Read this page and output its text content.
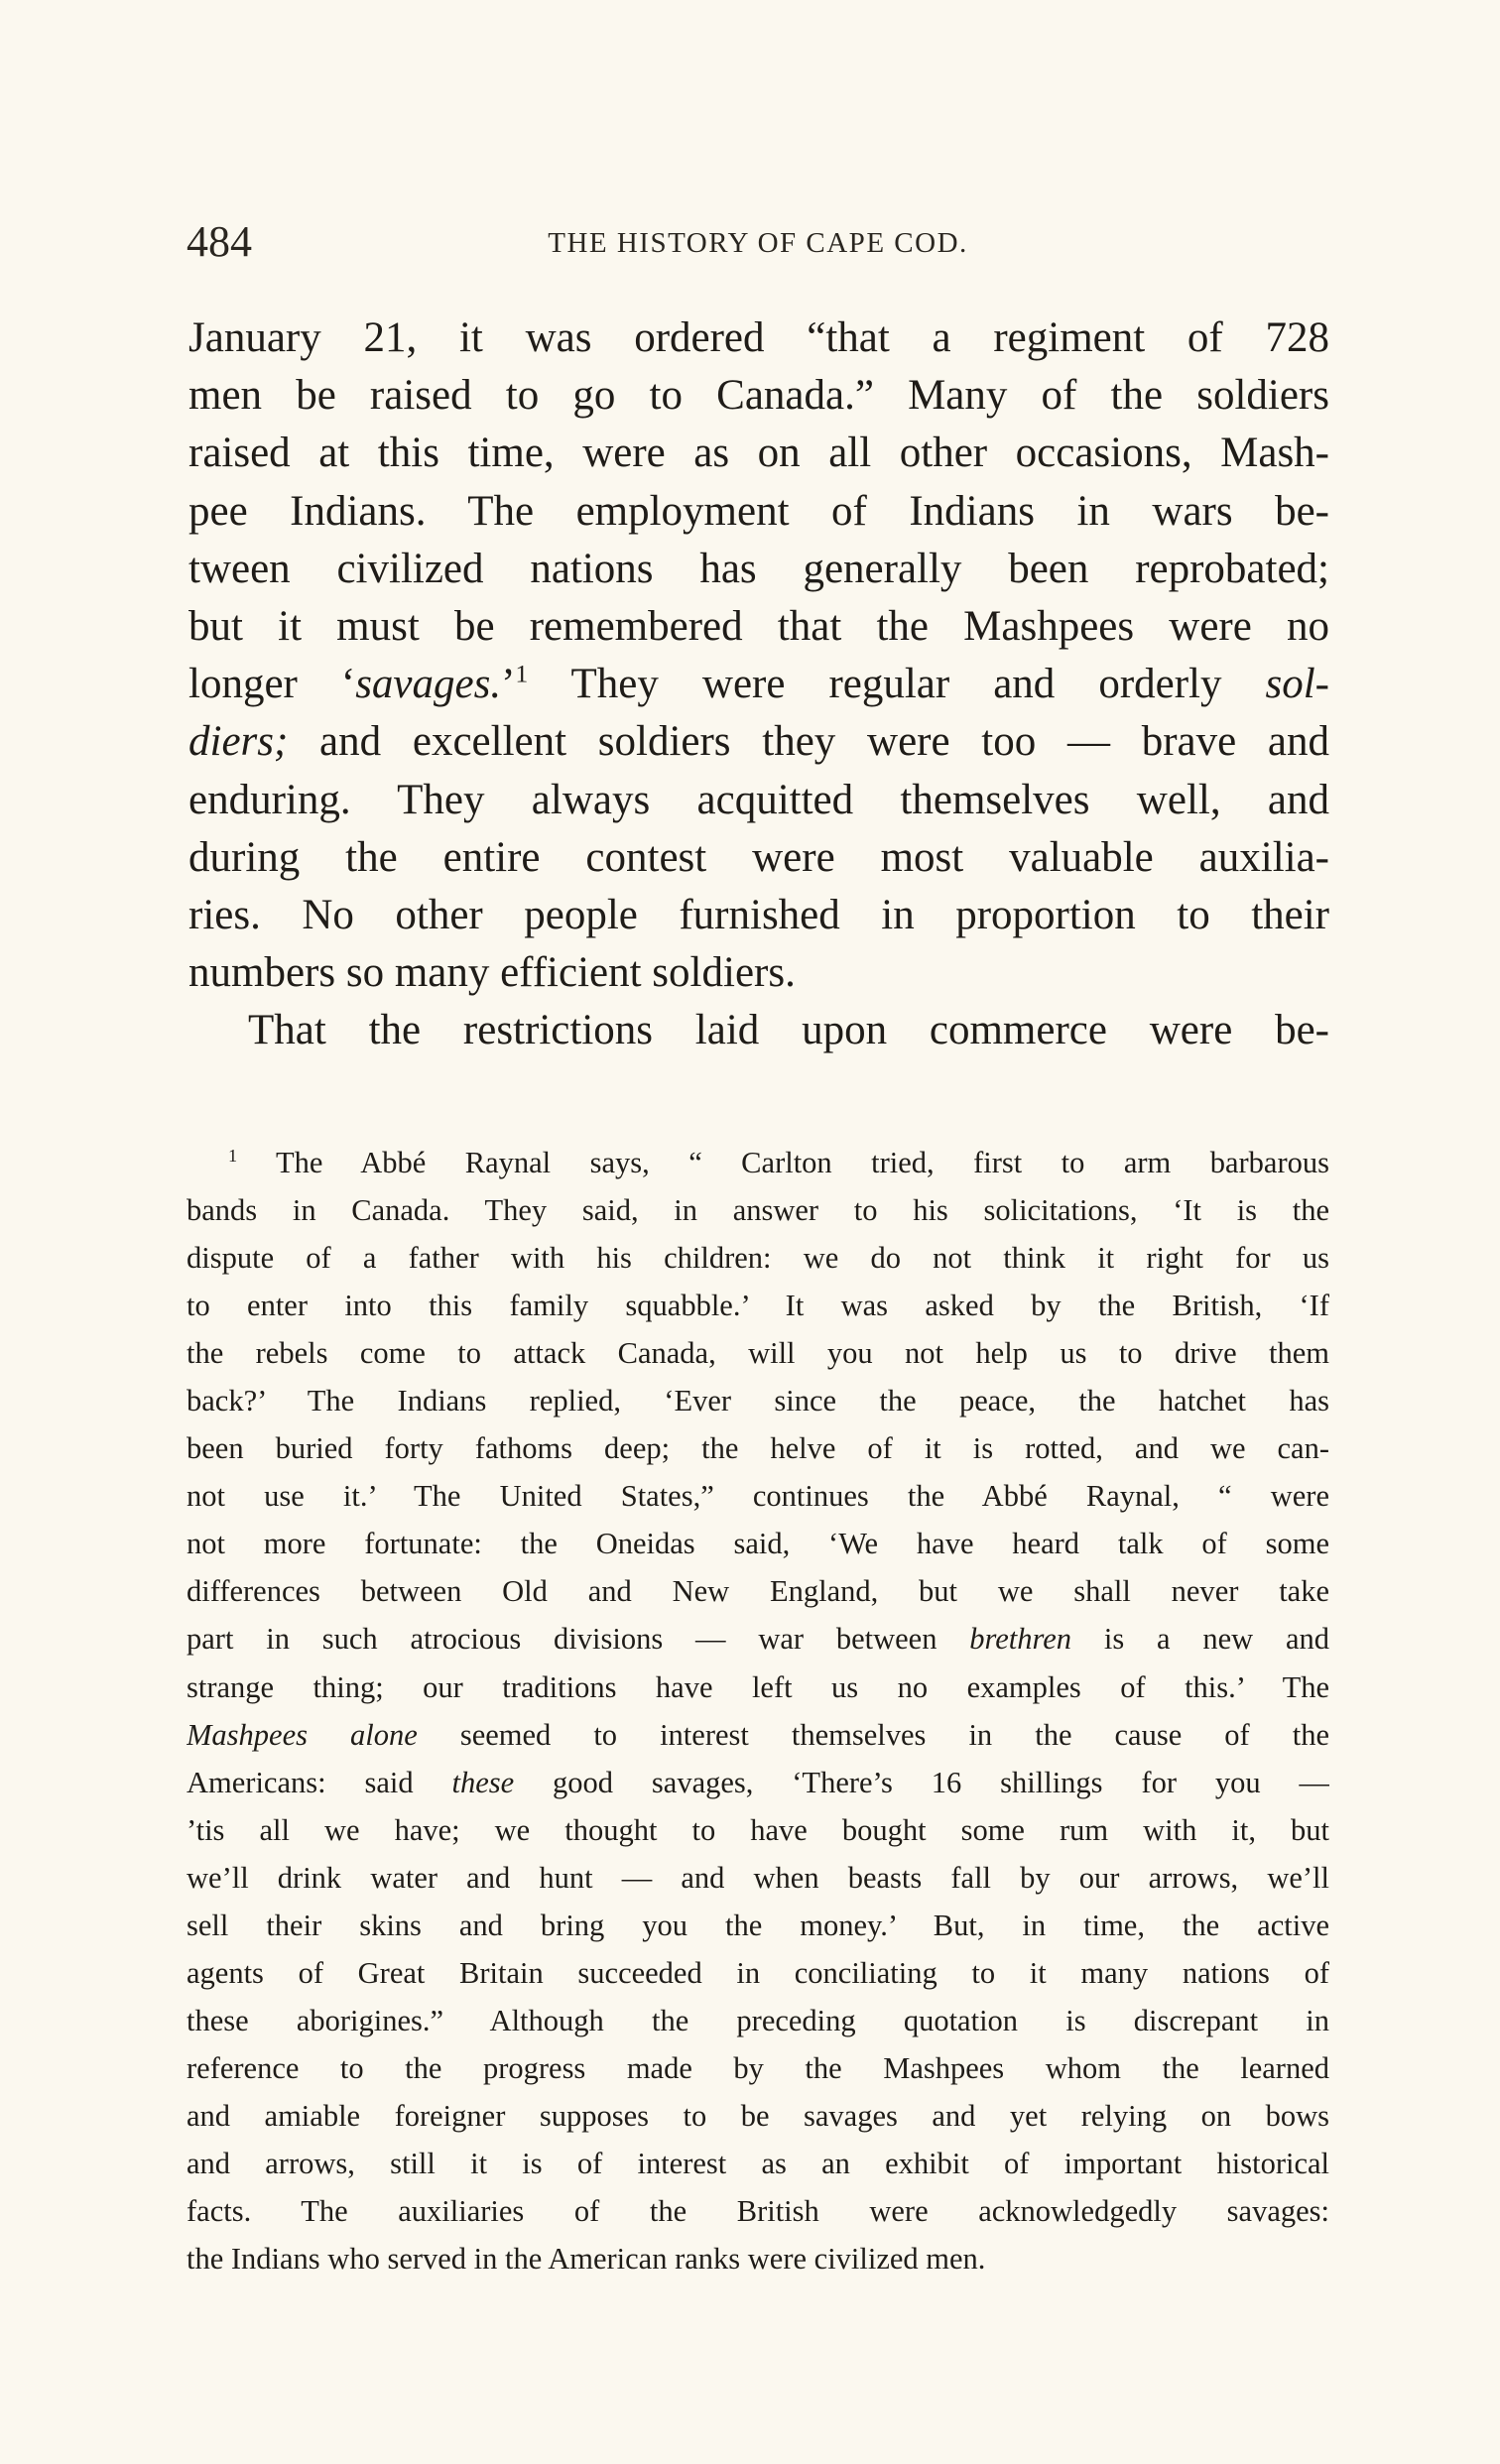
484	THE HISTORY OF CAPE COD.
January 21, it was ordered “that a regiment of 728
men be raised to go to Canada.” Many of the soldiers
raised at this time, were as on all other occasions, Mash-
pee Indians. The employment of Indians in wars be-
tween civilized nations has generally been reprobated;
but it must be remembered that the Mashpees were no
longer ‘savages.’$^1$ They were regular and orderly sol-
diers; and excellent soldiers they were too — brave and
enduring. They always acquitted themselves well, and
during the entire contest were most valuable auxilia-
ries. No other people furnished in proportion to their
numbers so many efficient soldiers.
That the restrictions laid upon commerce were be-
$^1$ The Abbé Raynal says, “ Carlton tried, first to arm barbarous
bands in Canada. They said, in answer to his solicitations, ‘It is the
dispute of a father with his children: we do not think it right for us
to enter into this family squabble.’ It was asked by the British, ‘If
the rebels come to attack Canada, will you not help us to drive them
back?’ The Indians replied, ‘Ever since the peace, the hatchet has
been buried forty fathoms deep; the helve of it is rotted, and we can-
not use it.’ The United States,” continues the Abbé Raynal, “ were
not more fortunate: the Oneidas said, ‘We have heard talk of some
differences between Old and New England, but we shall never take
part in such atrocious divisions — war between brethren is a new and
strange thing; our traditions have left us no examples of this.’ The
Mashpees alone seemed to interest themselves in the cause of the
Americans: said these good savages, ‘There’s 16 shillings for you —
’tis all we have; we thought to have bought some rum with it, but
we’ll drink water and hunt — and when beasts fall by our arrows, we’ll
sell their skins and bring you the money.’ But, in time, the active
agents of Great Britain succeeded in conciliating to it many nations of
these aborigines.” Although the preceding quotation is discrepant in
reference to the progress made by the Mashpees whom the learned
and amiable foreigner supposes to be savages and yet relying on bows
and arrows, still it is of interest as an exhibit of important historical
facts. The auxiliaries of the British were acknowledgedly savages:
the Indians who served in the American ranks were civilized men.
